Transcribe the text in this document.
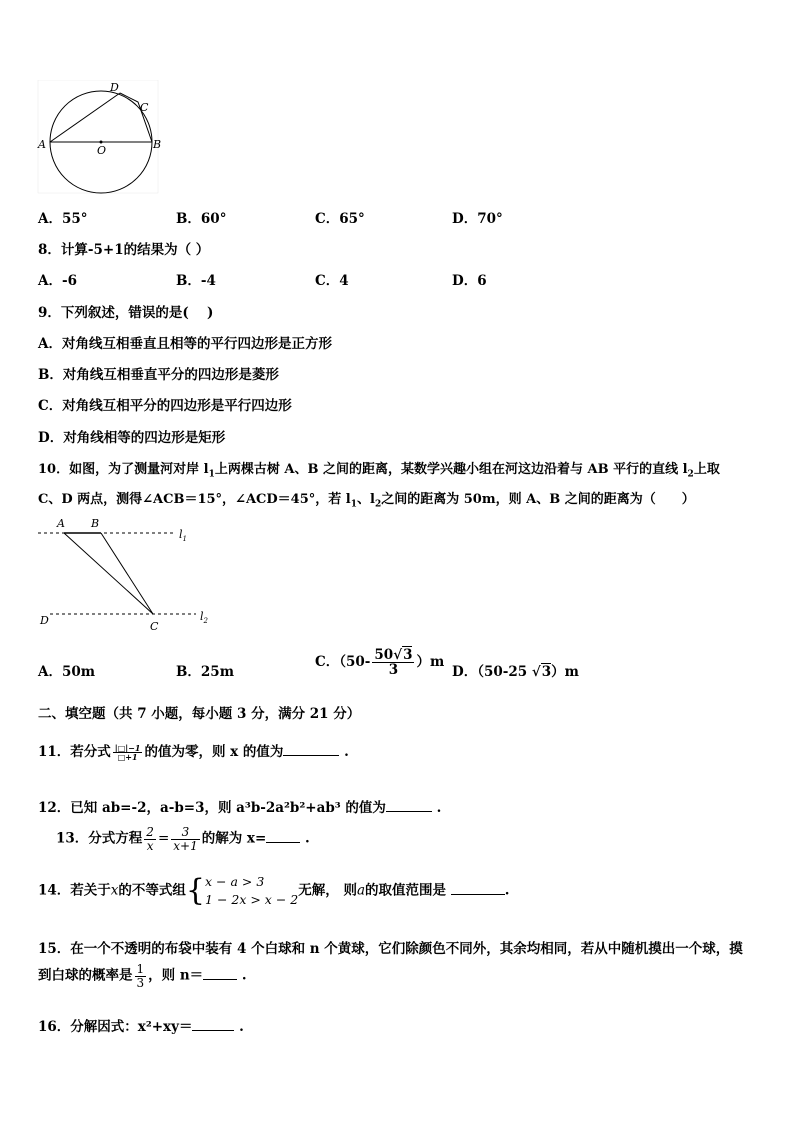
A	B
C
D
O
A．55°	B．60°	C．65°	D．70°
8．计算-5+1的结果为（ ）
A．-6	B．-4	C．4	D．6
9．下列叙述，错误的是(　 )
A．对角线互相垂直且相等的平行四边形是正方形
B．对角线互相垂直平分的四边形是菱形
C．对角线互相平分的四边形是平行四边形
D．对角线相等的四边形是矩形
10．如图，为了测量河对岸 $l_1$上两棵古树 A、B 之间的距离，某数学兴趣小组在河这边沿着与 AB 平行的直线 $l_2$上取
C、D 两点，测得∠ACB＝15°，∠ACD＝45°，若 $l_1$、$l_2$之间的距离为 50m，则 A、B 之间的距离为（　　）
A B
C
D
$l_1$
$l_2$
A．50m	B．25m
C．$(50- \frac{50√3}{3} )m$
D．（50-25 √3）m
二、填空题（共 7 小题，每小题 3 分，满分 21 分）
11．若分式 $\frac{|□|-1}{□+1}$ 的值为零，则 x 的值为	.
12．已知 ab=-2，a-b=3，则 a³b-2a²b²+ab³ 的值为	.
13．分式方程 $\frac{2}{x} = \frac{3}{x+1}$ 的解为 x=	.
14．若关于x的不等式组{ x − a > 3
1 − 2x > x − 2
无解， 则a的取值范围是	.
15．在一个不透明的布袋中装有 4 个白球和 n 个黄球，它们除颜色不同外，其余均相同，若从中随机摸出一个球，摸
到白球的概率是 $\frac{1}{3}$ ，则 n＝	.
16．分解因式：x²+xy＝	.
